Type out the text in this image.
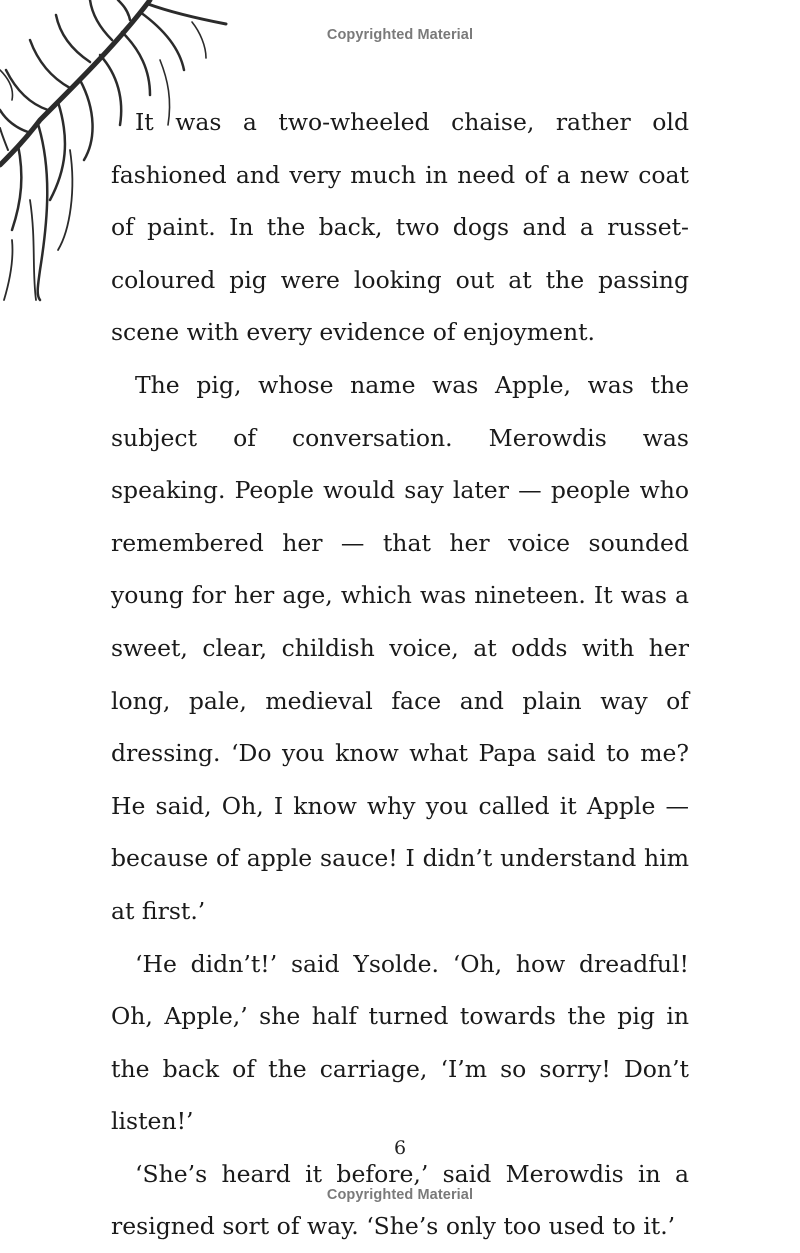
Copyrighted Material

It was a two-wheeled chaise, rather old fashioned and very much in need of a new coat of paint. In the back, two dogs and a russet-coloured pig were looking out at the passing scene with every evidence of enjoyment.

The pig, whose name was Apple, was the subject of conversation. Merowdis was speaking. People would say later — people who remembered her — that her voice sounded young for her age, which was nineteen. It was a sweet, clear, childish voice, at odds with her long, pale, medieval face and plain way of dressing. ‘Do you know what Papa said to me? He said, Oh, I know why you called it Apple — because of apple sauce! I didn’t understand him at first.’

‘He didn’t!’ said Ysolde. ‘Oh, how dreadful! Oh, Apple,’ she half turned towards the pig in the back of the carriage, ‘I’m so sorry! Don’t listen!’

‘She’s heard it before,’ said Merowdis in a resigned sort of way. ‘She’s only too used to it.’

6
Copyrighted Material
